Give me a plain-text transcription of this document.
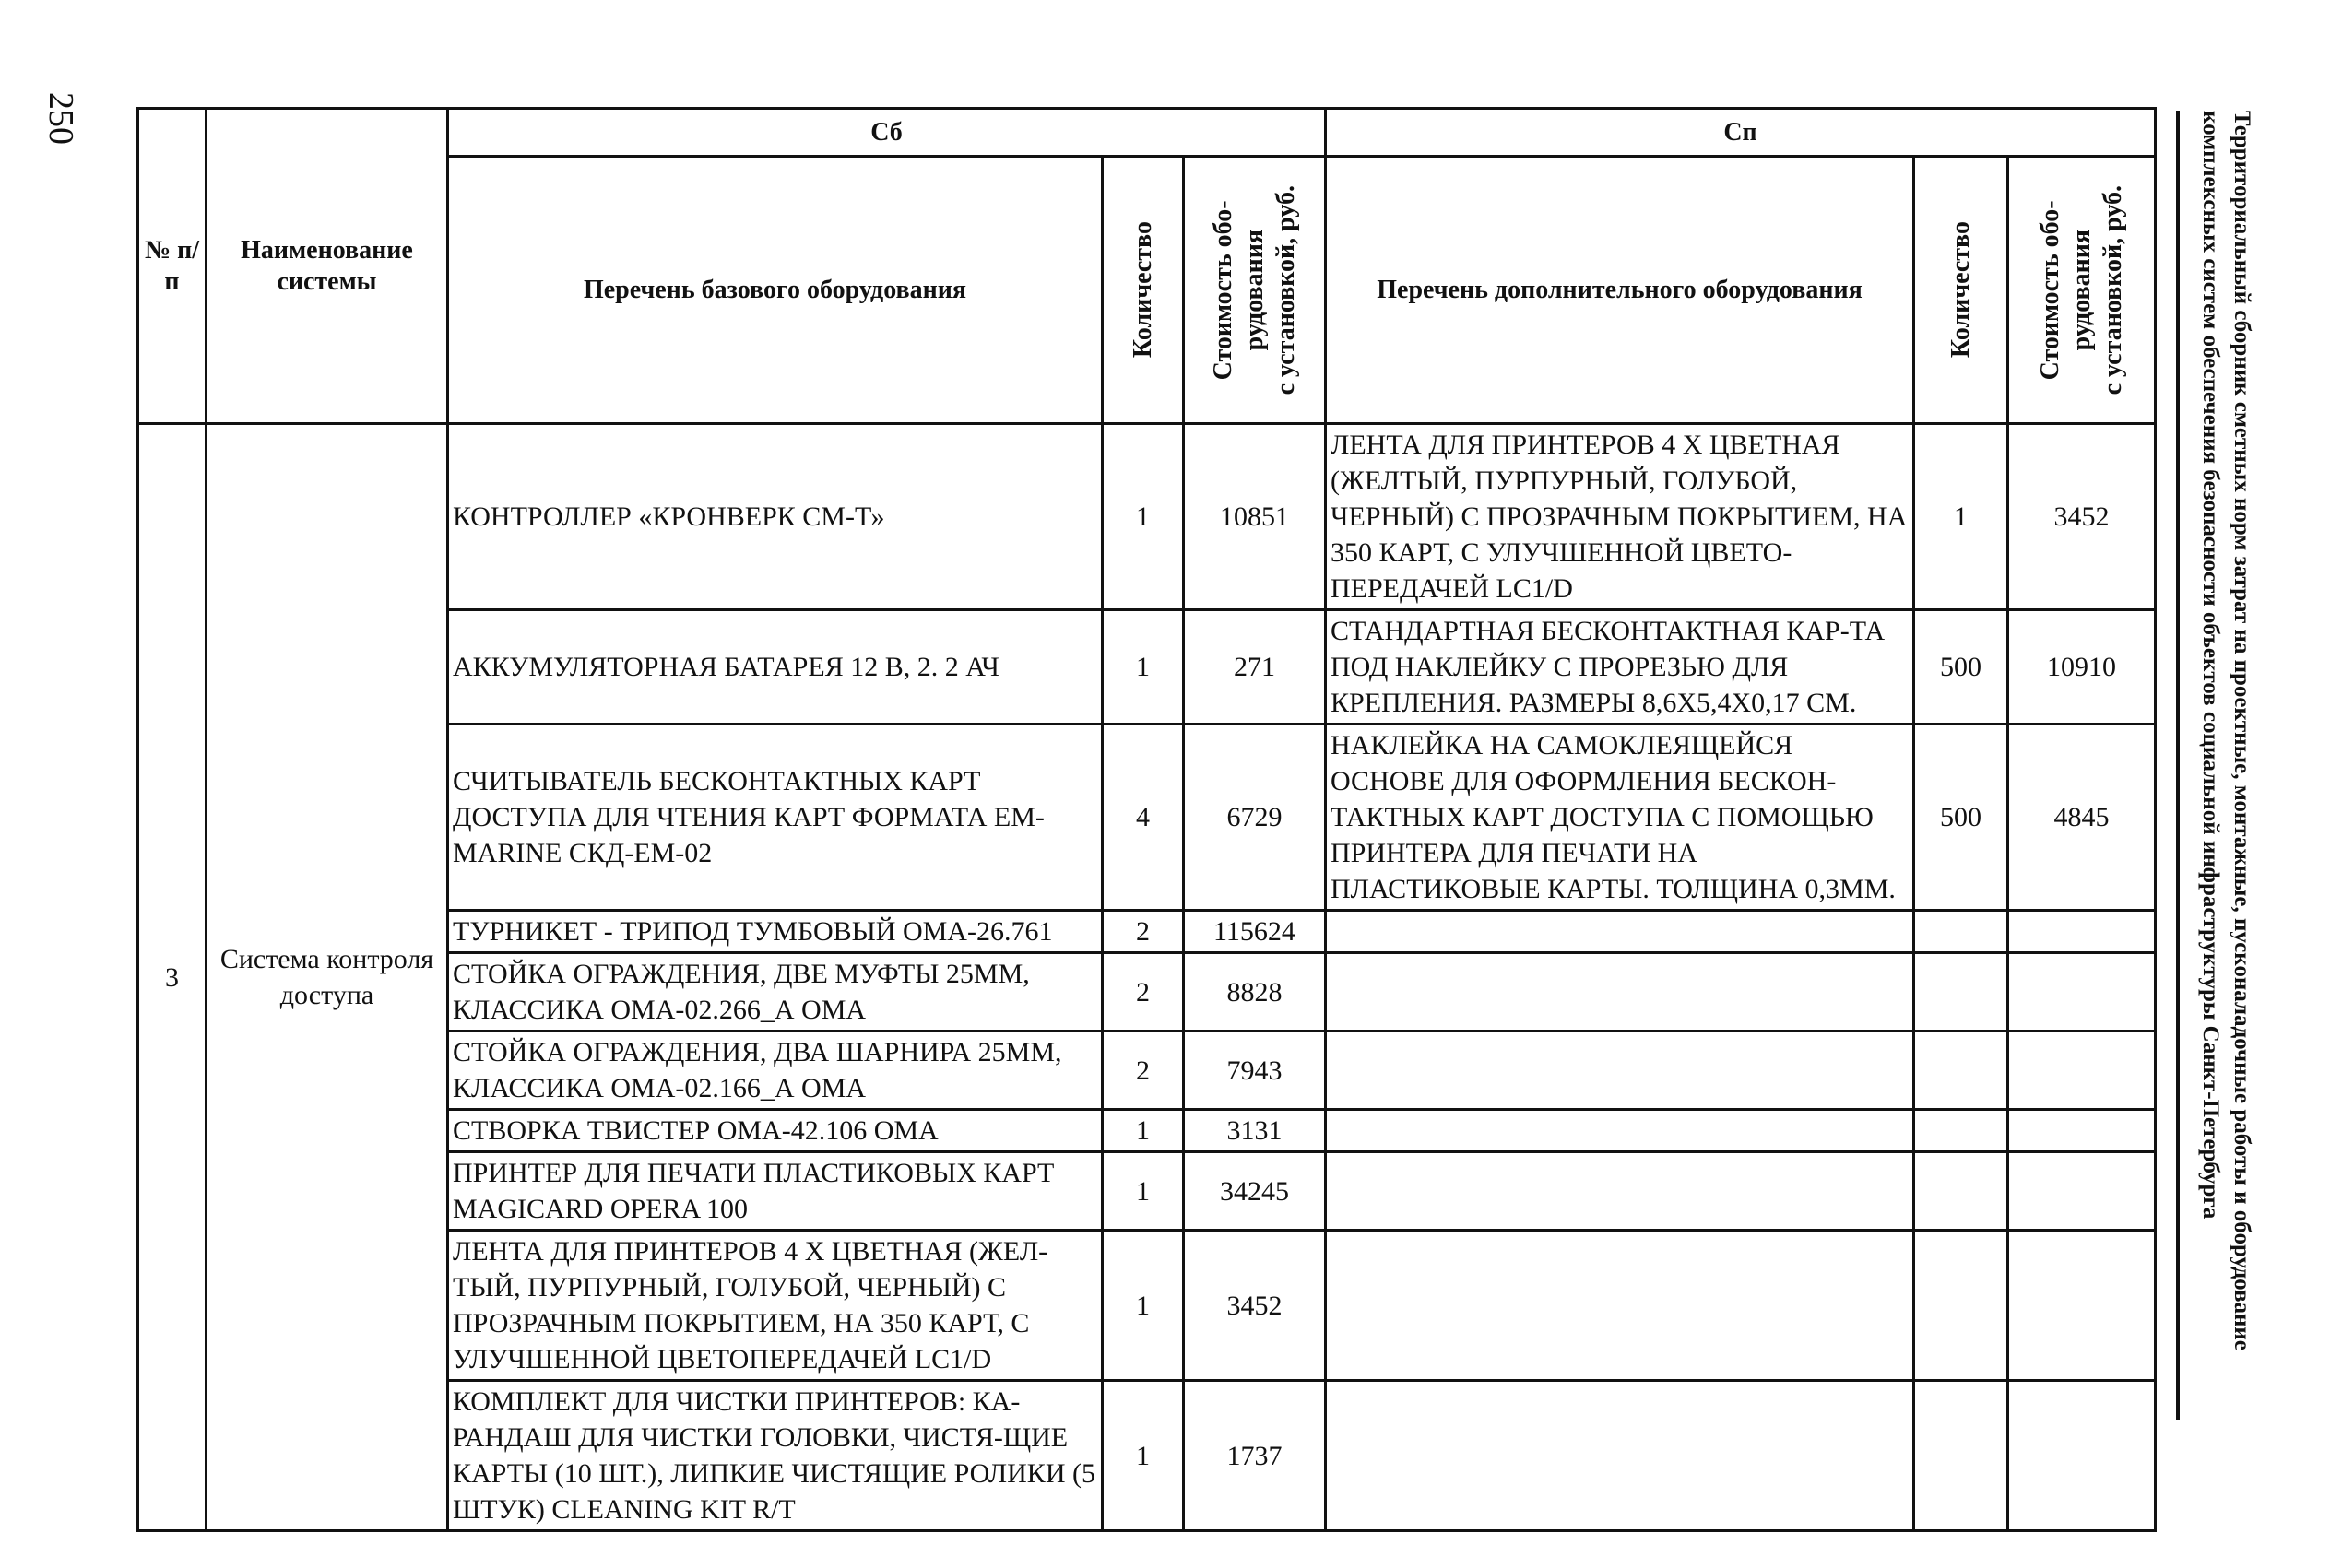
250	Территориальный сборник сметных норм затрат на проектные, монтажные, пусконаладочные работы и оборудование
комплексных систем обеспечения безопасности объектов социальной инфраструктуры Санкт-Петербурга
№ п/п	Наименование системы	Сб			Сп		
		Перечень базового оборудования	Количество	Стоимость обо- рудования с установкой, руб.	Перечень дополнительного оборудования	Количество	Стоимость обо- рудования с установкой, руб.

3	Система контроля доступа	КОНТРОЛЛЕР «КРОНВЕРК СМ-Т»	1	10851	ЛЕНТА ДЛЯ ПРИНТЕРОВ 4 Х ЦВЕТНАЯ (ЖЕЛТЫЙ, ПУРПУРНЫЙ, ГОЛУБОЙ, ЧЕРНЫЙ) С ПРОЗРАЧНЫМ ПОКРЫТИЕМ, НА 350 КАРТ, С УЛУЧШЕННОЙ ЦВЕТО-ПЕРЕДАЧЕЙ LC1/D	1	3452
		АККУМУЛЯТОРНАЯ БАТАРЕЯ 12 В, 2. 2 АЧ	1	271	СТАНДАРТНАЯ БЕСКОНТАКТНАЯ КАР-ТА ПОД НАКЛЕЙКУ С ПРОРЕЗЬЮ ДЛЯ КРЕПЛЕНИЯ. РАЗМЕРЫ 8,6Х5,4Х0,17 СМ.	500	10910
		СЧИТЫВАТЕЛЬ БЕСКОНТАКТНЫХ КАРТ ДОСТУПА ДЛЯ ЧТЕНИЯ КАРТ ФОРМАТА EM-MARINE СКД-ЕМ-02	4	6729	НАКЛЕЙКА НА САМОКЛЕЯЩЕЙСЯ ОСНОВЕ ДЛЯ ОФОРМЛЕНИЯ БЕСКОН-ТАКТНЫХ КАРТ ДОСТУПА С ПОМОЩЬЮ ПРИНТЕРА ДЛЯ ПЕЧАТИ НА ПЛАСТИКОВЫЕ КАРТЫ. ТОЛЩИНА 0,3ММ.	500	4845
		ТУРНИКЕТ - ТРИПОД ТУМБОВЫЙ ОМА-26.761	2	115624			
		СТОЙКА ОГРАЖДЕНИЯ, ДВЕ МУФТЫ 25ММ, КЛАССИКА ОМА-02.266_А ОМА	2	8828			
		СТОЙКА ОГРАЖДЕНИЯ, ДВА ШАРНИРА 25ММ, КЛАССИКА ОМА-02.166_А ОМА	2	7943			
		СТВОРКА ТВИСТЕР ОМА-42.106 ОМА	1	3131			
		ПРИНТЕР ДЛЯ ПЕЧАТИ ПЛАСТИКОВЫХ КАРТ MAGICARD OPERA 100	1	34245			
		ЛЕНТА ДЛЯ ПРИНТЕРОВ 4 Х ЦВЕТНАЯ (ЖЕЛ-ТЫЙ, ПУРПУРНЫЙ, ГОЛУБОЙ, ЧЕРНЫЙ) С ПРОЗРАЧНЫМ ПОКРЫТИЕМ, НА 350 КАРТ, С УЛУЧШЕННОЙ ЦВЕТОПЕРЕДАЧЕЙ LC1/D	1	3452			
		КОМПЛЕКТ ДЛЯ ЧИСТКИ ПРИНТЕРОВ: КА-РАНДАШ ДЛЯ ЧИСТКИ ГОЛОВКИ, ЧИСТЯ-ЩИЕ КАРТЫ (10 ШТ.), ЛИПКИЕ ЧИСТЯЩИЕ РОЛИКИ (5 ШТУК) CLEANING KIT R/T	1	1737			
